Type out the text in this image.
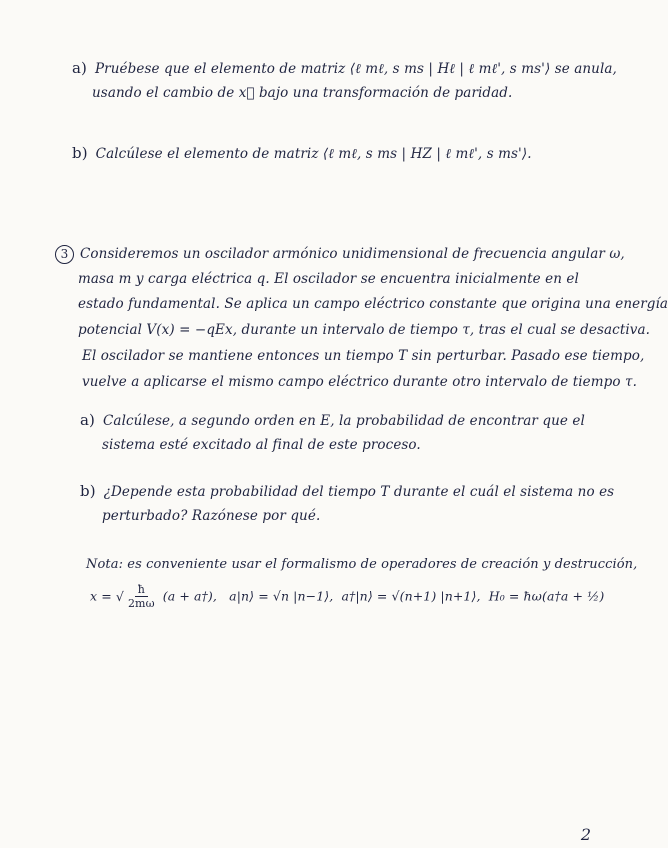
a) Pruébese que el elemento de matriz ⟨ℓ mℓ, s ms | Hℓ | ℓ mℓ', s ms'⟩ se anula,
usando el cambio de x⃗ bajo una transformación de paridad.
b) Calcúlese el elemento de matriz ⟨ℓ mℓ, s ms | HZ | ℓ mℓ', s ms'⟩.
3 Consideremos un oscilador armónico unidimensional de frecuencia angular ω,
masa m y carga eléctrica q. El oscilador se encuentra inicialmente en el
estado fundamental. Se aplica un campo eléctrico constante que origina una energía
potencial V(x) = −qEx, durante un intervalo de tiempo τ, tras el cual se desactiva.
El oscilador se mantiene entonces un tiempo T sin perturbar. Pasado ese tiempo,
vuelve a aplicarse el mismo campo eléctrico durante otro intervalo de tiempo τ.
a) Calcúlese, a segundo orden en E, la probabilidad de encontrar que el
sistema esté excitado al final de este proceso.
b) ¿Depende esta probabilidad del tiempo T durante el cuál el sistema no es
perturbado? Razónese por qué.
Nota: es conveniente usar el formalismo de operadores de creación y destrucción,
x = √ $\frac{ħ}{2m\omega} (a$ + a†), a|n⟩ = √n |n−1⟩, a†|n⟩ = √(n+1) |n+1⟩, H₀ = ħω(a†a + ½)
2
